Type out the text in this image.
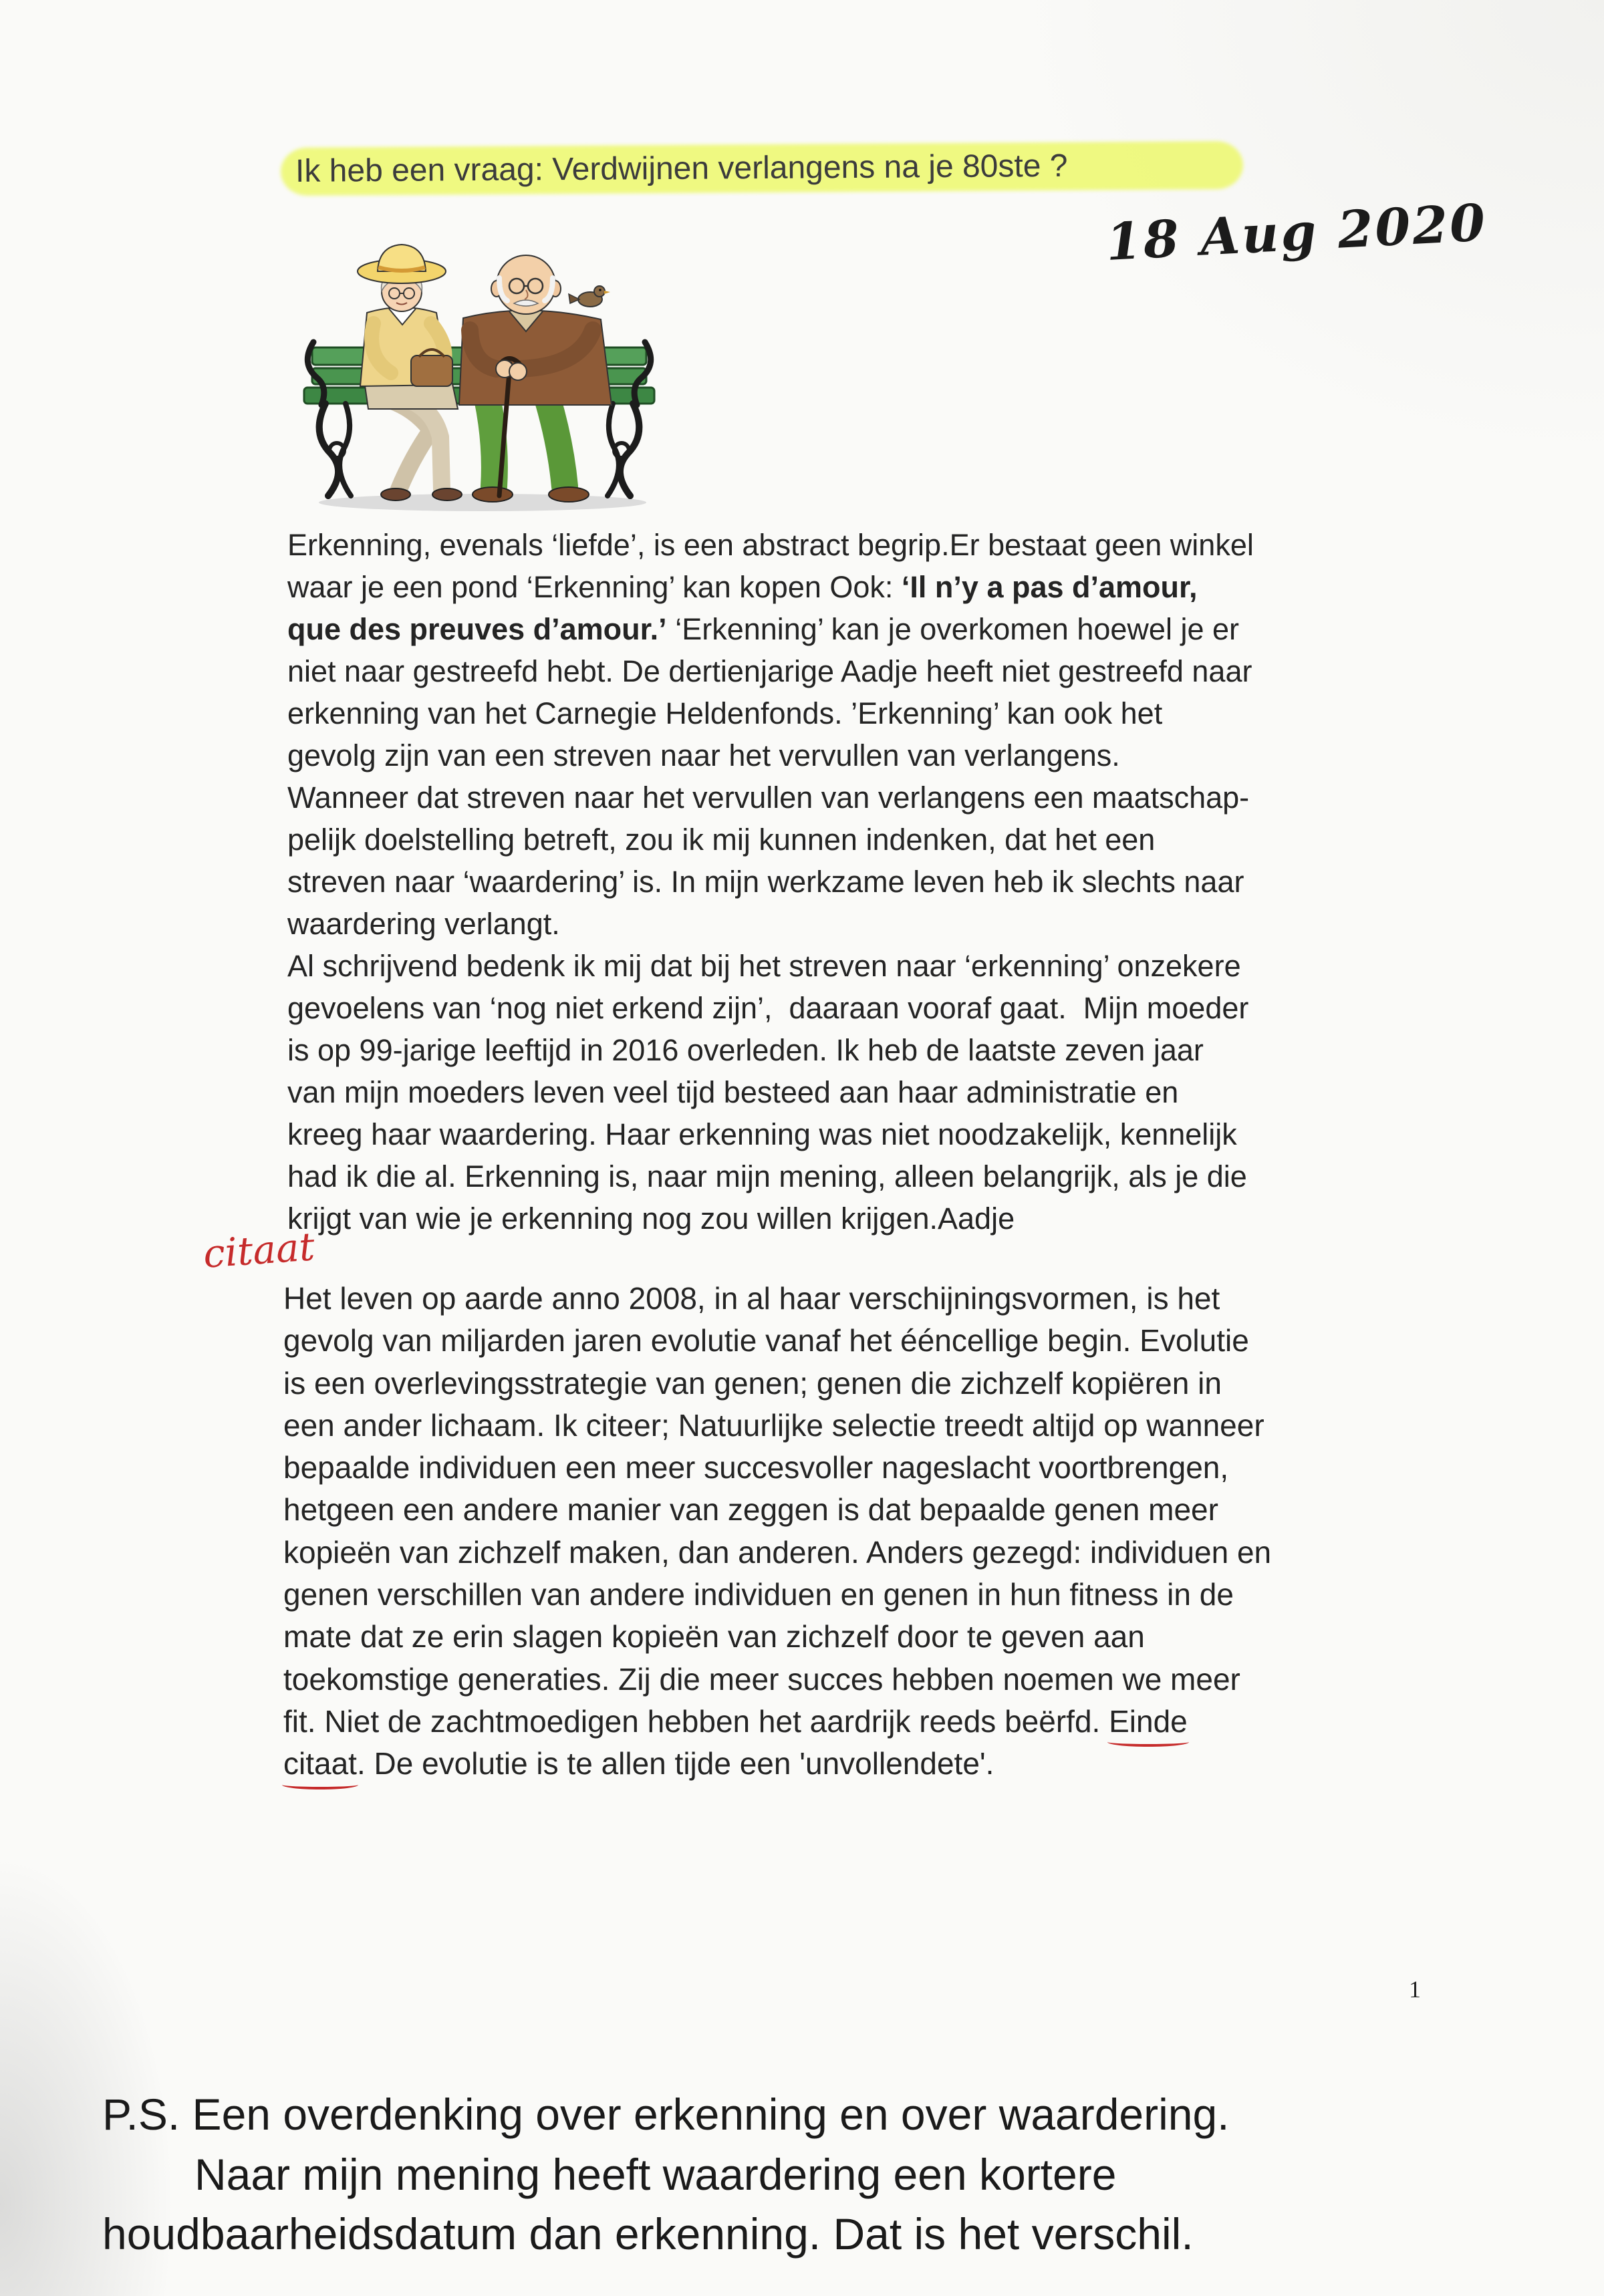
Ik heb een vraag: Verdwijnen verlangens na je 80ste ?
18 Aug 2020
Erkenning, evenals ‘liefde’, is een abstract begrip.Er bestaat geen winkel
waar je een pond ‘Erkenning’ kan kopen Ook: ‘Il n’y a pas d’amour,
que des preuves d’amour.’ ‘Erkenning’ kan je overkomen hoewel je er
niet naar gestreefd hebt. De dertienjarige Aadje heeft niet gestreefd naar
erkenning van het Carnegie Heldenfonds. ’Erkenning’ kan ook het
gevolg zijn van een streven naar het vervullen van verlangens.
Wanneer dat streven naar het vervullen van verlangens een maatschap-
pelijk doelstelling betreft, zou ik mij kunnen indenken, dat het een
streven naar ‘waardering’ is. In mijn werkzame leven heb ik slechts naar
waardering verlangt.
Al schrijvend bedenk ik mij dat bij het streven naar ‘erkenning’ onzekere
gevoelens van ‘nog niet erkend zijn’,  daaraan vooraf gaat.  Mijn moeder
is op 99-jarige leeftijd in 2016 overleden. Ik heb de laatste zeven jaar
van mijn moeders leven veel tijd besteed aan haar administratie en
kreeg haar waardering. Haar erkenning was niet noodzakelijk, kennelijk
had ik die al. Erkenning is, naar mijn mening, alleen belangrijk, als je die
krijgt van wie je erkenning nog zou willen krijgen.Aadje
citaat
Het leven op aarde anno 2008, in al haar verschijningsvormen, is het
gevolg van miljarden jaren evolutie vanaf het ééncellige begin. Evolutie
is een overlevingsstrategie van genen; genen die zichzelf kopiëren in
een ander lichaam. Ik citeer; Natuurlijke selectie treedt altijd op wanneer
bepaalde individuen een meer succesvoller nageslacht voortbrengen,
hetgeen een andere manier van zeggen is dat bepaalde genen meer
kopieën van zichzelf maken, dan anderen. Anders gezegd: individuen en
genen verschillen van andere individuen en genen in hun fitness in de
mate dat ze erin slagen kopieën van zichzelf door te geven aan
toekomstige generaties. Zij die meer succes hebben noemen we meer
fit. Niet de zachtmoedigen hebben het aardrijk reeds beërfd. Einde
citaat. De evolutie is te allen tijde een 'unvollendete'.
1
P.S. Een overdenking over erkenning en over waardering.
Naar mijn mening heeft waardering een kortere
houdbaarheidsdatum dan erkenning. Dat is het verschil.
